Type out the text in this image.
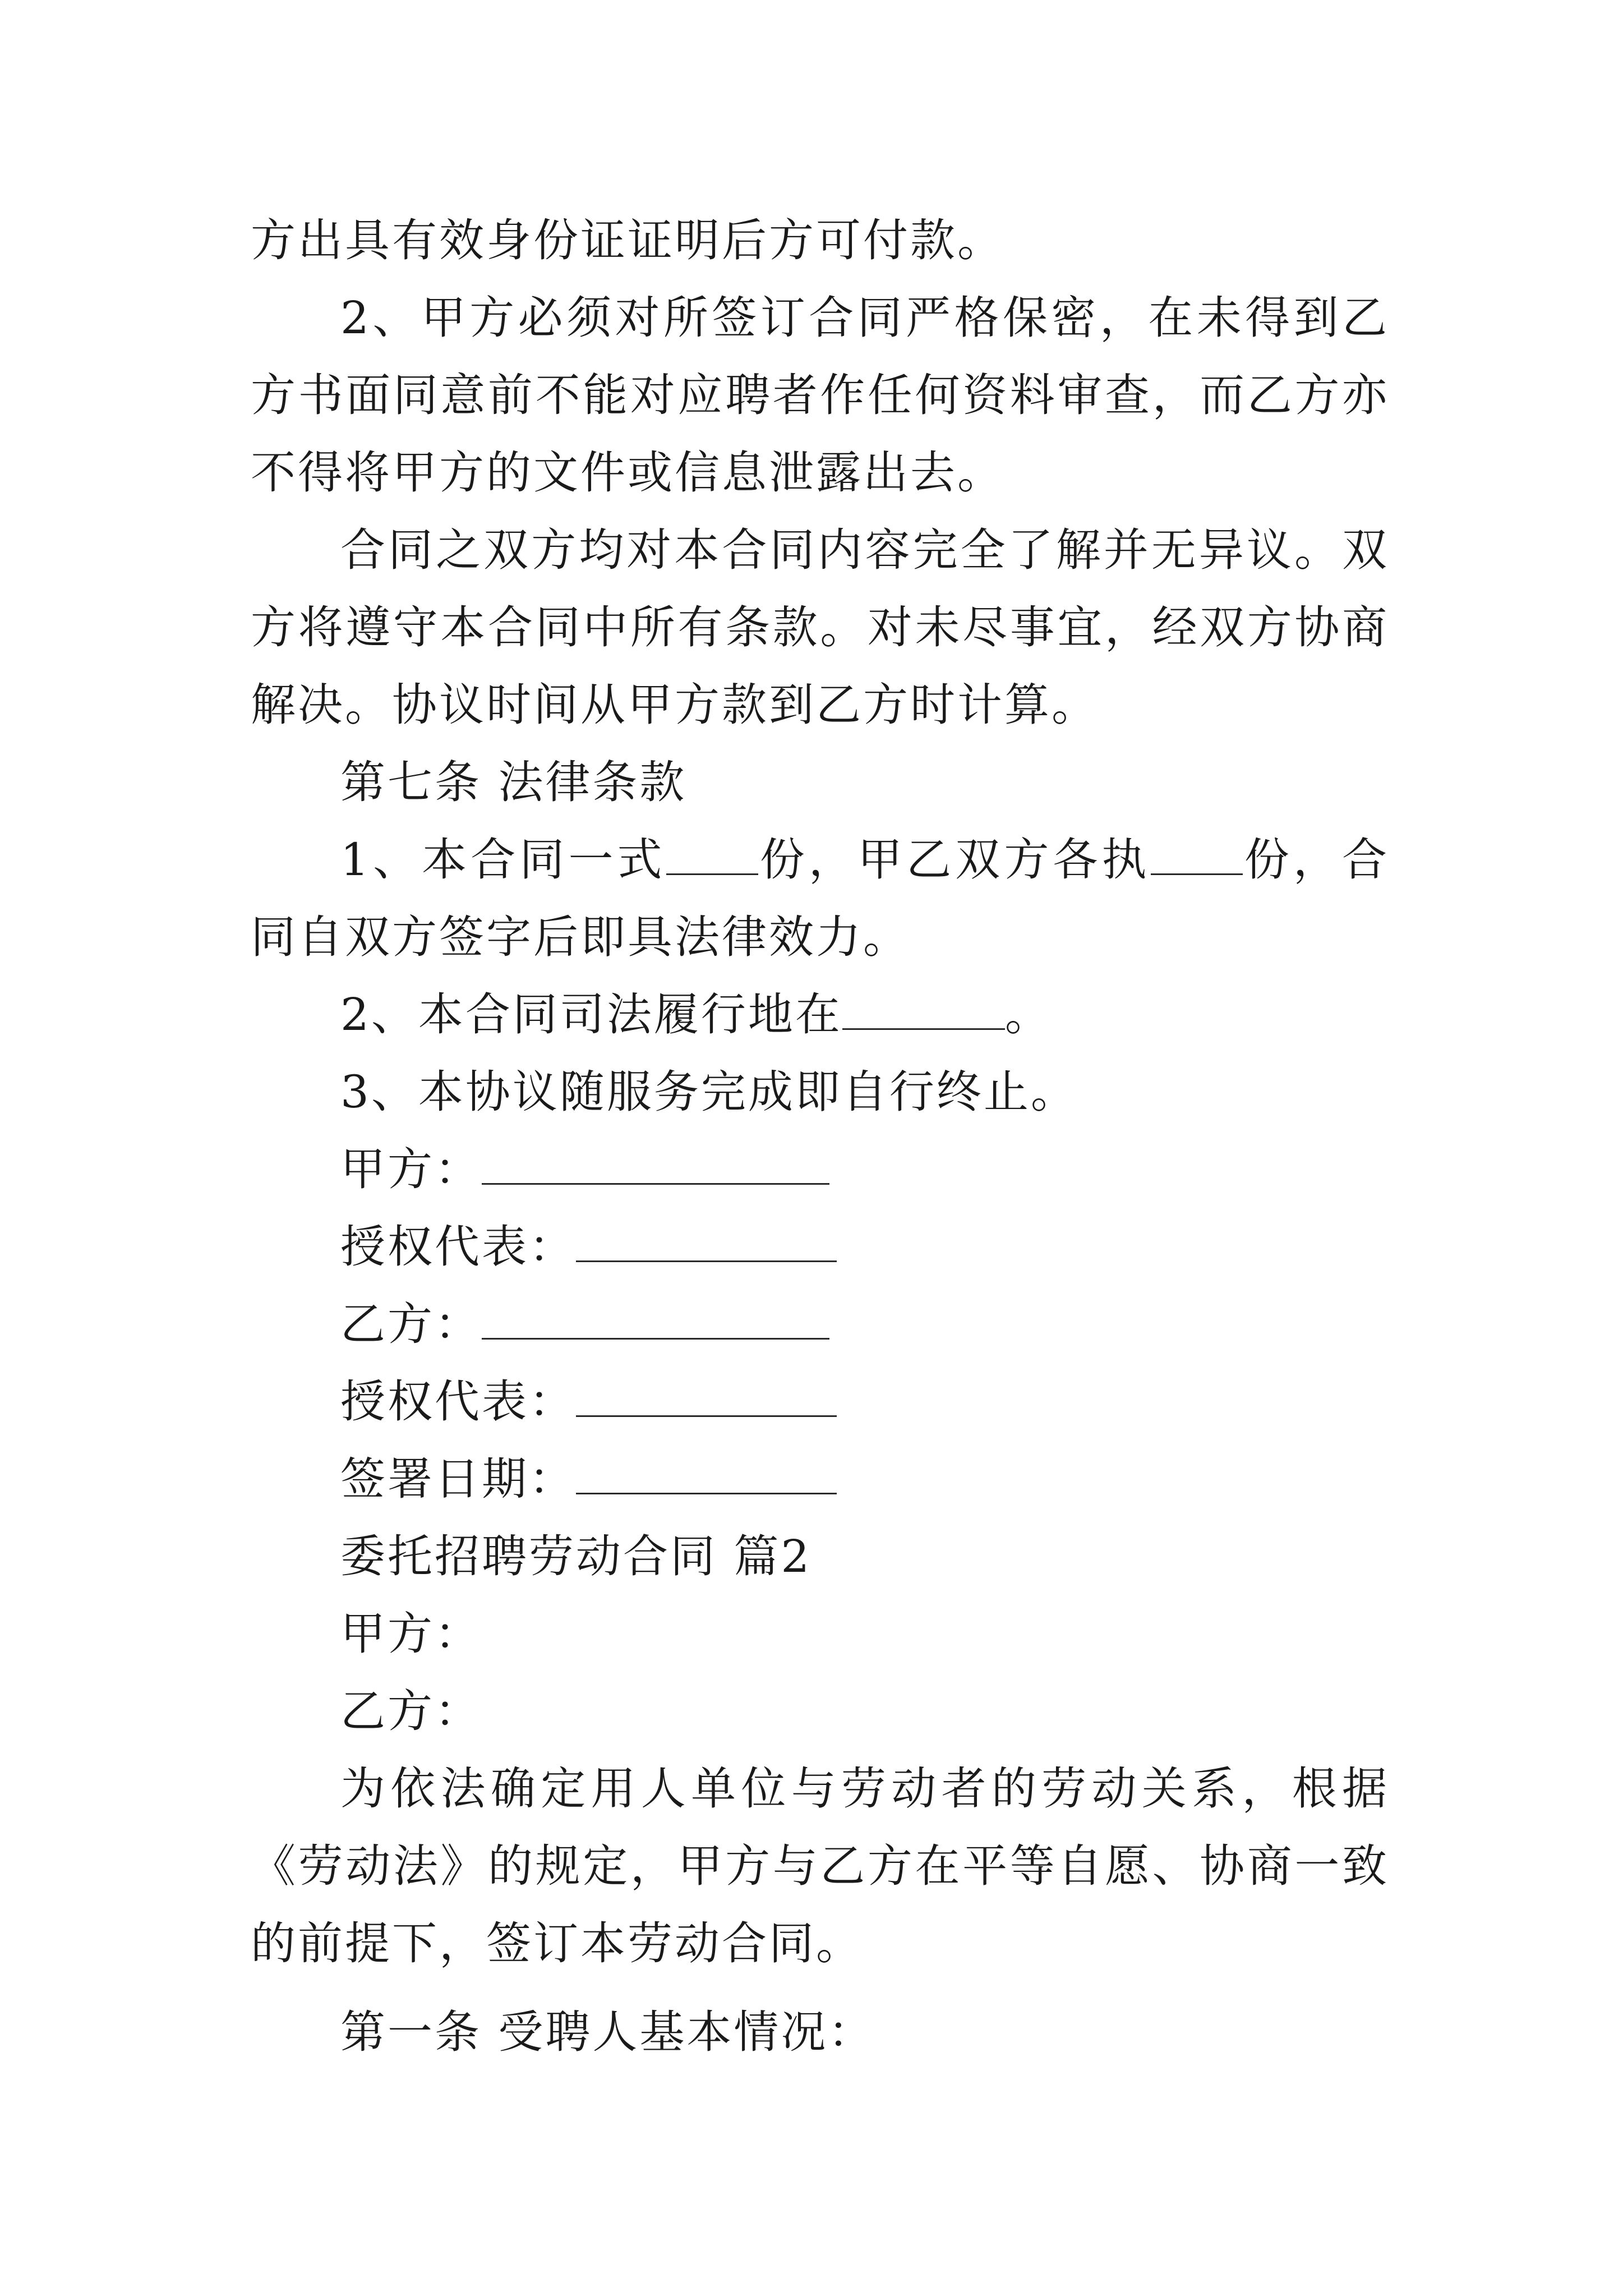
方出具有效身份证证明后方可付款。

2、甲方必须对所签订合同严格保密，在未得到乙方书面同意前不能对应聘者作任何资料审查，而乙方亦不得将甲方的文件或信息泄露出去。

合同之双方均对本合同内容完全了解并无异议。双方将遵守本合同中所有条款。对未尽事宜，经双方协商解决。协议时间从甲方款到乙方时计算。

第七条 法律条款

1、本合同一式 份，甲乙双方各执 份，合同自双方签字后即具法律效力。

2、本合同司法履行地在	。

3、本协议随服务完成即自行终止。

甲方：

授权代表：

乙方：

授权代表：

签署日期：

委托招聘劳动合同 篇2

甲方：

乙方：

为依法确定用人单位与劳动者的劳动关系，根据《劳动法》的规定，甲方与乙方在平等自愿、协商一致的前提下，签订本劳动合同。

第一条 受聘人基本情况：
